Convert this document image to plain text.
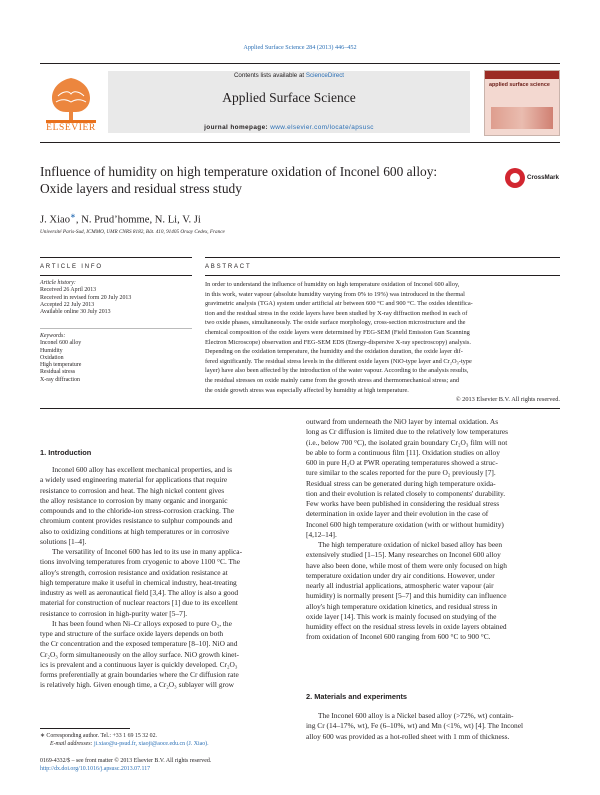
Applied Surface Science 284 (2013) 446–452
Contents lists available at ScienceDirect
Applied Surface Science
journal homepage: www.elsevier.com/locate/apsusc
ELSEVIER
applied surface science
Influence of humidity on high temperature oxidation of Inconel 600 alloy: Oxide layers and residual stress study
CrossMark
J. Xiao∗, N. Prud’homme, N. Li, V. Ji
Université Paris-Sud, ICMMO, UMR CNRS 8182, Bât. 410, 91405 Orsay Cedex, France
ARTICLE INFO	ABSTRACT
Article history:
Received 26 April 2013
Received in revised form 20 July 2013
Accepted 22 July 2013
Available online 30 July 2013
Keywords:
Inconel 600 alloy
Humidity
Oxidation
High temperature
Residual stress
X-ray diffraction
In order to understand the influence of humidity on high temperature oxidation of Inconel 600 alloy,
in this work, water vapour (absolute humidity varying from 0% to 19%) was introduced in the thermal
gravimetric analysis (TGA) system under artificial air between 600 °C and 900 °C. The oxides identifica-
tion and the residual stress in the oxide layers have been studied by X-ray diffraction method in each of
two oxide phases, simultaneously. The oxide surface morphology, cross-section microstructure and the
chemical composition of the oxide layers were determined by FEG-SEM (Field Emission Gun Scanning
Electron Microscope) observation and FEG-SEM EDS (Energy-dispersive X-ray spectroscopy) analysis.
Depending on the oxidation temperature, the humidity and the oxidation duration, the oxide layer dif-
fered significantly. The residual stress levels in the different oxide layers (NiO-type layer and Cr₂O₃-type
layer) have also been affected by the introduction of the water vapour. According to the analysis results,
the residual stresses on oxide mainly came from the growth stress and thermomechanical stress; and
the oxide growth stress was especially affected by humidity at high temperature.
© 2013 Elsevier B.V. All rights reserved.
1. Introduction
Inconel 600 alloy has excellent mechanical properties, and is
a widely used engineering material for applications that require
resistance to corrosion and heat. The high nickel content gives
the alloy resistance to corrosion by many organic and inorganic
compounds and to the chloride-ion stress-corrosion cracking. The
chromium content provides resistance to sulphur compounds and
also to oxidizing conditions at high temperatures or in corrosive
solutions [1–4].
The versatility of Inconel 600 has led to its use in many applica-
tions involving temperatures from cryogenic to above 1100 °C. The
alloy's strength, corrosion resistance and oxidation resistance at
high temperature make it useful in chemical industry, heat-treating
industry as well as aeronautical field [3,4]. The alloy is also a good
material for construction of nuclear reactors [1] due to its excellent
resistance to corrosion in high-purity water [5–7].
It has been found when Ni–Cr alloys exposed to pure O₂, the
type and structure of the surface oxide layers depends on both
the Cr concentration and the exposed temperature [8–10]. NiO and
Cr₂O₃ form simultaneously on the alloy surface. NiO growth kinet-
ics is prevalent and a continuous layer is quickly developed. Cr₂O₃
forms preferentially at grain boundaries where the Cr diffusion rate
is relatively high. Given enough time, a Cr₂O₃ sublayer will grow
outward from underneath the NiO layer by internal oxidation. As
long as Cr diffusion is limited due to the relatively low temperatures
(i.e., below 700 °C), the isolated grain boundary Cr₂O₃ film will not
be able to form a continuous film [11]. Oxidation studies on alloy
600 in pure H₂O at PWR operating temperatures showed a struc-
ture similar to the scales reported for the pure O₂ previously [7].
Residual stress can be generated during high temperature oxida-
tion and their evolution is related closely to components' durability.
Few works have been published in considering the residual stress
determination in oxide layer and their evolution in the case of
Inconel 600 high temperature oxidation (with or without humidity)
[4,12–14].
The high temperature oxidation of nickel based alloy has been
extensively studied [1–15]. Many researches on Inconel 600 alloy
have also been done, while most of them were only focused on high
temperature oxidation under dry air conditions. However, under
nearly all industrial applications, atmospheric water vapour (air
humidity) is normally present [5–7] and this humidity can influence
alloy's high temperature oxidation kinetics, and residual stress in
oxide layer [14]. This work is mainly focused on studying of the
humidity effect on the residual stress levels in oxide layers obtained
from oxidation of Inconel 600 ranging from 600 °C to 900 °C.
2. Materials and experiments
The Inconel 600 alloy is a Nickel based alloy (>72%, wt) contain-
ing Cr (14–17%, wt), Fe (6–10%, wt) and Mn (<1%, wt) [4]. The Inconel
alloy 600 was provided as a hot-rolled sheet with 1 mm of thickness.
∗ Corresponding author. Tel.: +33 1 69 15 32 02.
E-mail addresses: ji.xiao@u-psud.fr, xiaoji@aoce.edu.cn (J. Xiao).
0169-4332/$ – see front matter © 2013 Elsevier B.V. All rights reserved.
http://dx.doi.org/10.1016/j.apsusc.2013.07.117
